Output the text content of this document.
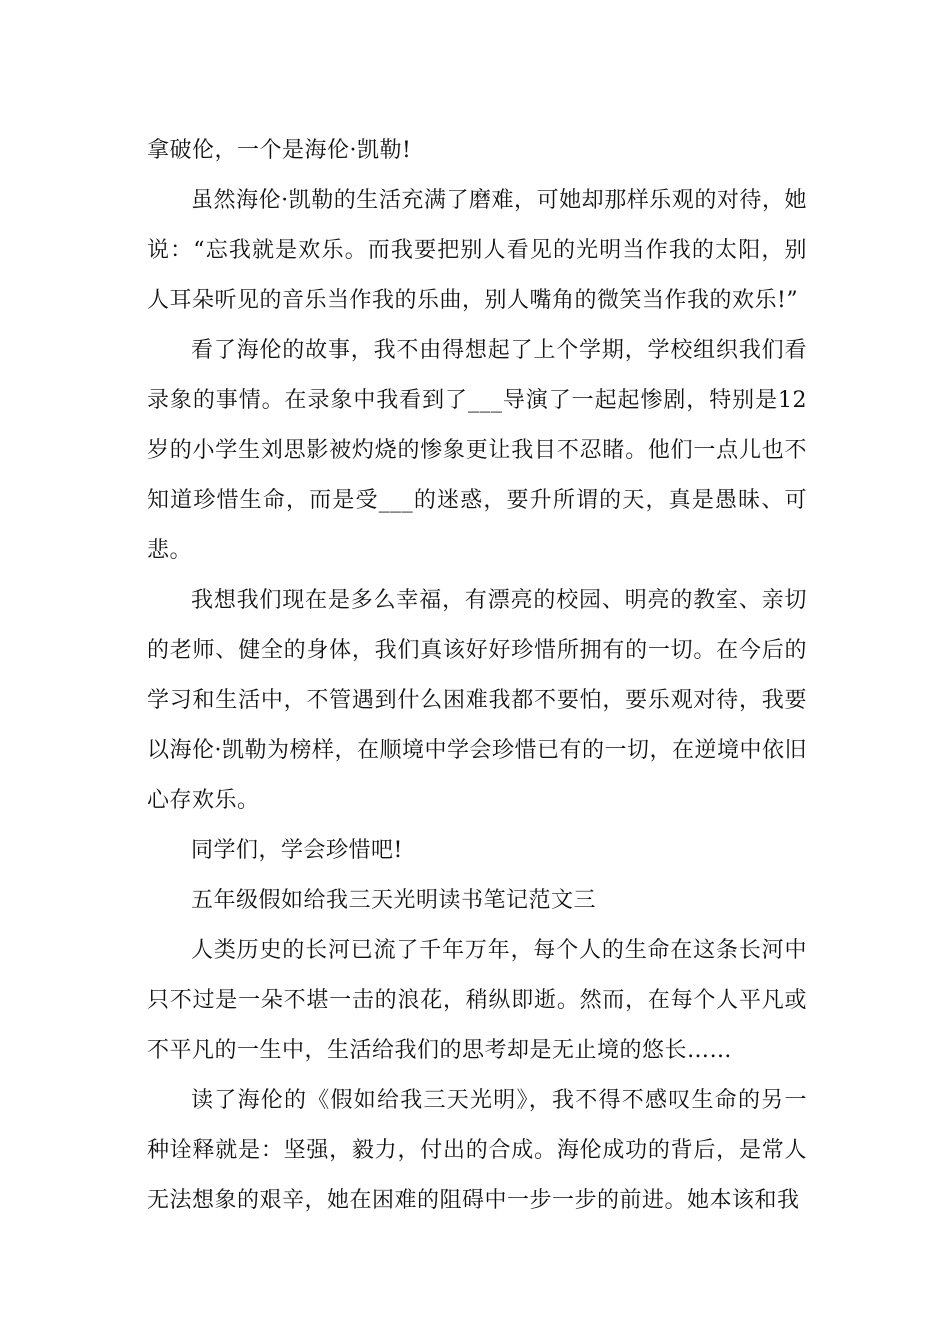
拿破伦，一个是海伦·凯勒!

虽然海伦·凯勒的生活充满了磨难，可她却那样乐观的对待，她说：“忘我就是欢乐。而我要把别人看见的光明当作我的太阳，别人耳朵听见的音乐当作我的乐曲，别人嘴角的微笑当作我的欢乐!”

看了海伦的故事，我不由得想起了上个学期，学校组织我们看录象的事情。在录象中我看到了___导演了一起起惨剧，特别是12岁的小学生刘思影被灼烧的惨象更让我目不忍睹。他们一点儿也不知道珍惜生命，而是受___的迷惑，要升所谓的天，真是愚昧、可悲。

我想我们现在是多么幸福，有漂亮的校园、明亮的教室、亲切的老师、健全的身体，我们真该好好珍惜所拥有的一切。在今后的学习和生活中，不管遇到什么困难我都不要怕，要乐观对待，我要以海伦·凯勒为榜样，在顺境中学会珍惜已有的一切，在逆境中依旧心存欢乐。

同学们，学会珍惜吧!

五年级假如给我三天光明读书笔记范文三

人类历史的长河已流了千年万年，每个人的生命在这条长河中只不过是一朵不堪一击的浪花，稍纵即逝。然而，在每个人平凡或不平凡的一生中，生活给我们的思考却是无止境的悠长……

读了海伦的《假如给我三天光明》，我不得不感叹生命的另一种诠释就是：坚强，毅力，付出的合成。海伦成功的背后，是常人无法想象的艰辛，她在困难的阻碍中一步一步的前进。她本该和我
